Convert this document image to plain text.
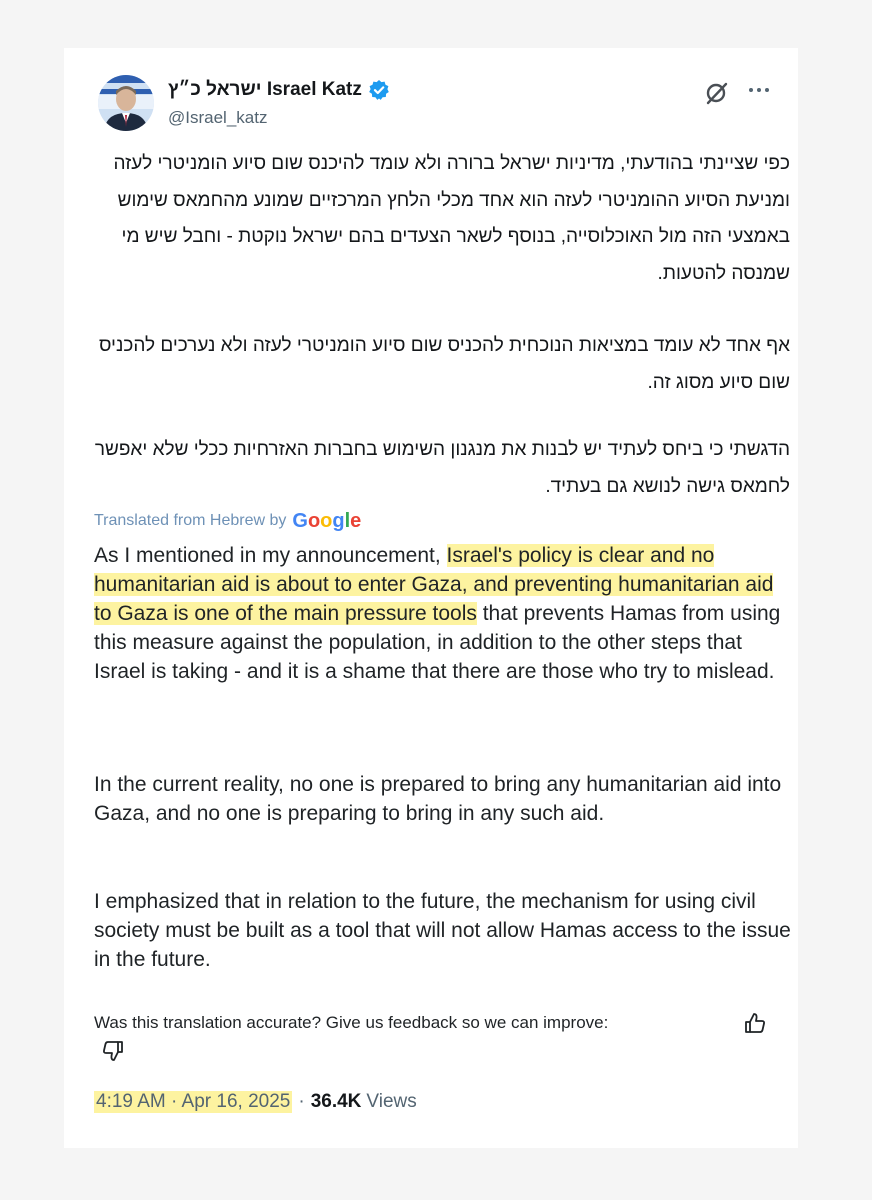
ישראל כ״ץ Israel Katz
@Israel_katz

כפי שציינתי בהודעתי, מדיניות ישראל ברורה ולא עומד להיכנס שום סיוע הומניטרי לעזה ומניעת הסיוע ההומניטרי לעזה הוא אחד מכלי הלחץ המרכזיים שמונע מהחמאס שימוש באמצעי הזה מול האוכלוסייה, בנוסף לשאר הצעדים בהם ישראל נוקטת - וחבל שיש מי שמנסה להטעות.

אף אחד לא עומד במציאות הנוכחית להכניס שום סיוע הומניטרי לעזה ולא נערכים להכניס שום סיוע מסוג זה.

הדגשתי כי ביחס לעתיד יש לבנות את מנגנון השימוש בחברות האזרחיות ככלי שלא יאפשר לחמאס גישה לנושא גם בעתיד.

Translated from Hebrew by Google

As I mentioned in my announcement, Israel's policy is clear and no humanitarian aid is about to enter Gaza, and preventing humanitarian aid to Gaza is one of the main pressure tools that prevents Hamas from using this measure against the population, in addition to the other steps that Israel is taking - and it is a shame that there are those who try to mislead.

In the current reality, no one is prepared to bring any humanitarian aid into Gaza, and no one is preparing to bring in any such aid.

I emphasized that in relation to the future, the mechanism for using civil society must be built as a tool that will not allow Hamas access to the issue in the future.

Was this translation accurate? Give us feedback so we can improve:
4:19 AM · Apr 16, 2025 · 36.4K Views
